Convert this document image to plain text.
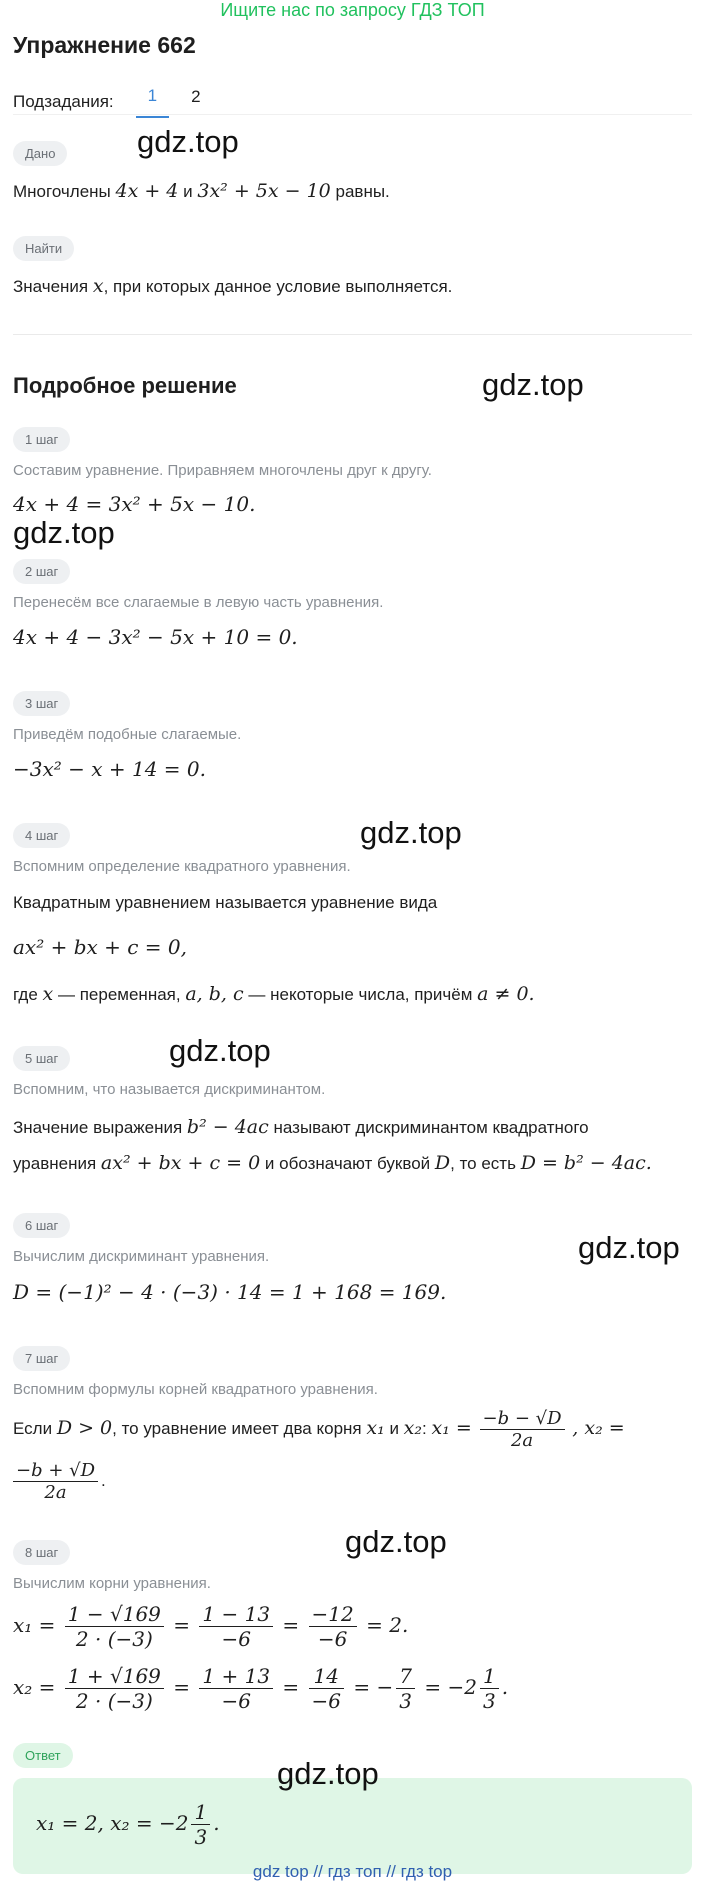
Ищите нас по запросу ГДЗ ТОП
Упражнение 662
Подзадания:	1	2
Дано
Многочлены 4x + 4 и 3x² + 5x − 10 равны.
Найти
Значения x, при которых данное условие выполняется.
Подробное решение
1 шаг
Составим уравнение. Приравняем многочлены друг к другу.
4x + 4 = 3x² + 5x − 10.
2 шаг
Перенесём все слагаемые в левую часть уравнения.
4x + 4 − 3x² − 5x + 10 = 0.
3 шаг
Приведём подобные слагаемые.
−3x² − x + 14 = 0.
4 шаг
Вспомним определение квадратного уравнения.
Квадратным уравнением называется уравнение вида
ax² + bx + c = 0,
где x — переменная, a, b, c — некоторые числа, причём a ≠ 0.
5 шаг
Вспомним, что называется дискриминантом.
Значение выражения b² − 4ac называют дискриминантом квадратного
уравнения ax² + bx + c = 0 и обозначают буквой D, то есть D = b² − 4ac.
6 шаг
Вычислим дискриминант уравнения.
D = (−1)² − 4 · (−3) · 14 = 1 + 168 = 169.
7 шаг
Вспомним формулы корней квадратного уравнения.
Если D > 0, то уравнение имеет два корня x₁ и x₂: $x_1 = \frac{-b - √D}{2a}$ , x₂ =
$\frac{-b + √D}{2a}$ .
8 шаг
Вычислим корни уравнения.
$x_1 = \frac{1 - √169}{2 \cdot (-3)} = \frac{1 - 13}{-6} = \frac{-12}{-6} = 2$.
$x_2 = \frac{1 + √169}{2 \cdot (-3)} = \frac{1 + 13}{-6} = \frac{14}{-6}$ = − $\frac{7}{3} = -2 \frac{1}{3}$ .
Ответ
x₁ = 2, $x_2 = -2 \frac{1}{3}$ .
gdz.top
gdz.top
gdz.top
gdz.top
gdz.top
gdz.top
gdz.top
gdz.top
gdz top // гдз топ // гдз top
